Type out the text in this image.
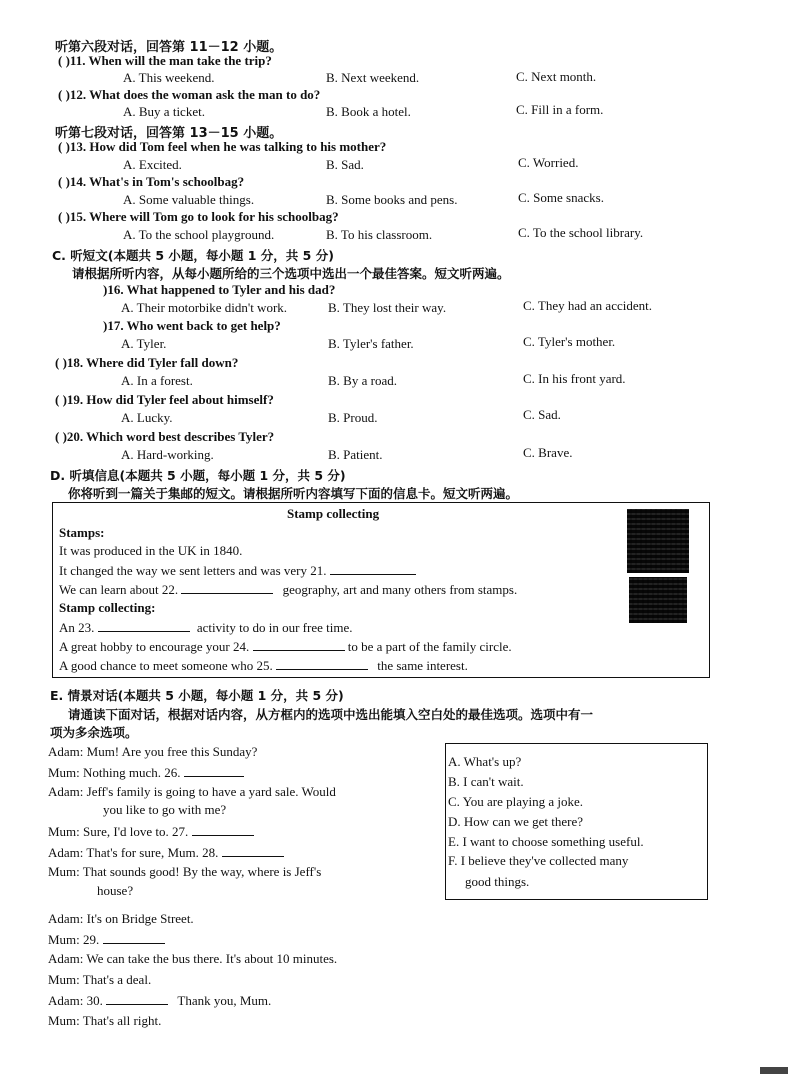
听第六段对话，回答第 11－12 小题。
( )11. When will the man take the trip?
A. This weekend.	B. Next weekend.	C. Next month.
( )12. What does the woman ask the man to do?
A. Buy a ticket.	B. Book a hotel.	C. Fill in a form.
听第七段对话，回答第 13－15 小题。
( )13. How did Tom feel when he was talking to his mother?
A. Excited.	B. Sad.	C. Worried.
( )14. What's in Tom's schoolbag?
A. Some valuable things.	B. Some books and pens.	C. Some snacks.
( )15. Where will Tom go to look for his schoolbag?
A. To the school playground.	B. To his classroom.	C. To the school library.
C. 听短文(本题共 5 小题，每小题 1 分，共 5 分)
请根据所听内容，从每小题所给的三个选项中选出一个最佳答案。短文听两遍。
)16. What happened to Tyler and his dad?
A. Their motorbike didn't work.	B. They lost their way.	C. They had an accident.
)17. Who went back to get help?
A. Tyler.	B. Tyler's father.	C. Tyler's mother.
( )18. Where did Tyler fall down?
A. In a forest.	B. By a road.	C. In his front yard.
( )19. How did Tyler feel about himself?
A. Lucky.	B. Proud.	C. Sad.
( )20. Which word best describes Tyler?
A. Hard-working.	B. Patient.	C. Brave.
D. 听填信息(本题共 5 小题，每小题 1 分，共 5 分)
你将听到一篇关于集邮的短文。请根据所听内容填写下面的信息卡。短文听两遍。
Stamp collecting
Stamps:
It was produced in the UK in 1840.
It changed the way we sent letters and was very 21.
We can learn about 22.	geography, art and many others from stamps.
Stamp collecting:
An 23.	activity to do in our free time.
A great hobby to encourage your 24.	to be a part of the family circle.
A good chance to meet someone who 25.	the same interest.
E. 情景对话(本题共 5 小题，每小题 1 分，共 5 分)
请通读下面对话，根据对话内容，从方框内的选项中选出能填入空白处的最佳选项。选项中有一
项为多余选项。
Adam: Mum! Are you free this Sunday?
Mum: Nothing much. 26.
Adam: Jeff's family is going to have a yard sale. Would
you like to go with me?
Mum: Sure, I'd love to. 27.
Adam: That's for sure, Mum. 28.
Mum: That sounds good! By the way, where is Jeff's
house?
Adam: It's on Bridge Street.
Mum: 29.
Adam: We can take the bus there. It's about 10 minutes.
Mum: That's a deal.
Adam: 30.	Thank you, Mum.
Mum: That's all right.
A. What's up?
B. I can't wait.
C. You are playing a joke.
D. How can we get there?
E. I want to choose something useful.
F. I believe they've collected many
good things.
